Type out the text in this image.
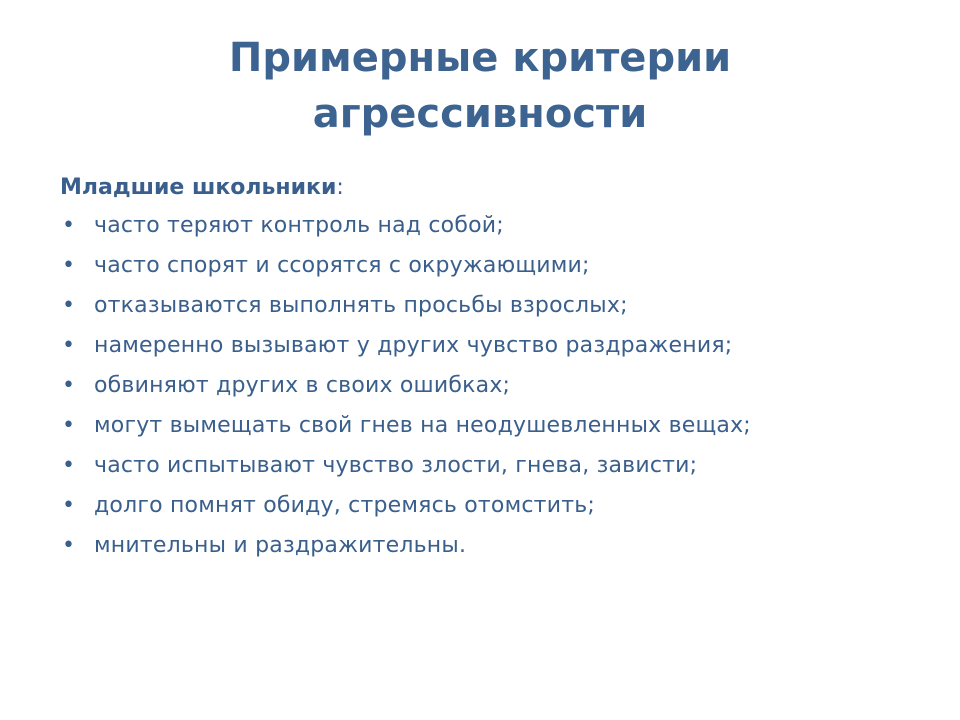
Примерные критерии
агрессивности
Младшие школьники:
• часто теряют контроль над собой;
• часто спорят и ссорятся с окружающими;
• отказываются выполнять просьбы взрослых;
• намеренно вызывают у других чувство раздражения;
• обвиняют других в своих ошибках;
• могут вымещать свой гнев на неодушевленных вещах;
• часто испытывают чувство злости, гнева, зависти;
• долго помнят обиду, стремясь отомстить;
• мнительны и раздражительны.
